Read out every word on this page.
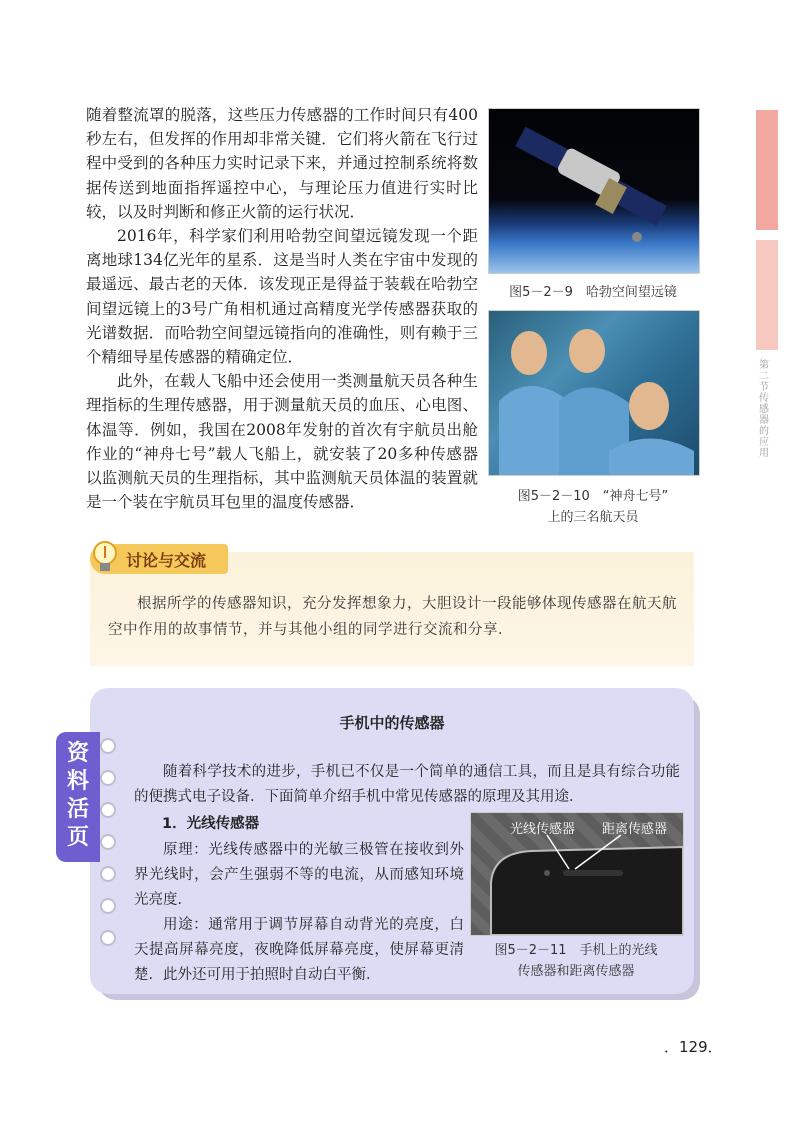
随着整流罩的脱落，这些压力传感器的工作时间只有400秒左右，但发挥的作用却非常关键．它们将火箭在飞行过程中受到的各种压力实时记录下来，并通过控制系统将数据传送到地面指挥遥控中心，与理论压力值进行实时比较，以及时判断和修正火箭的运行状况．

2016年，科学家们利用哈勃空间望远镜发现一个距离地球134亿光年的星系．这是当时人类在宇宙中发现的最遥远、最古老的天体．该发现正是得益于装载在哈勃空间望远镜上的3号广角相机通过高精度光学传感器获取的光谱数据．而哈勃空间望远镜指向的准确性，则有赖于三个精细导星传感器的精确定位．

此外，在载人飞船中还会使用一类测量航天员各种生理指标的生理传感器，用于测量航天员的血压、心电图、体温等．例如，我国在2008年发射的首次有宇航员出舱作业的“神舟七号”载人飞船上，就安装了20多种传感器以监测航天员的生理指标，其中监测航天员体温的装置就是一个装在宇航员耳包里的温度传感器．

第二节 传感器的应用
图5－2－9　哈勃空间望远镜
图5－2－10　“神舟七号”
上的三名航天员
讨论与交流

根据所学的传感器知识，充分发挥想象力，大胆设计一段能够体现传感器在航天航空中作用的故事情节，并与其他小组的同学进行交流和分享．

资料活页
手机中的传感器

随着科学技术的进步，手机已不仅是一个简单的通信工具，而且是具有综合功能的便携式电子设备．下面简单介绍手机中常见传感器的原理及其用途．

1．光线传感器

原理：光线传感器中的光敏三极管在接收到外界光线时，会产生强弱不等的电流，从而感知环境光亮度．

用途：通常用于调节屏幕自动背光的亮度，白天提高屏幕亮度，夜晚降低屏幕亮度，使屏幕更清楚．此外还可用于拍照时自动白平衡．

光线传感器 距离传感器
图5－2－11　手机上的光线
传感器和距离传感器
．129．
